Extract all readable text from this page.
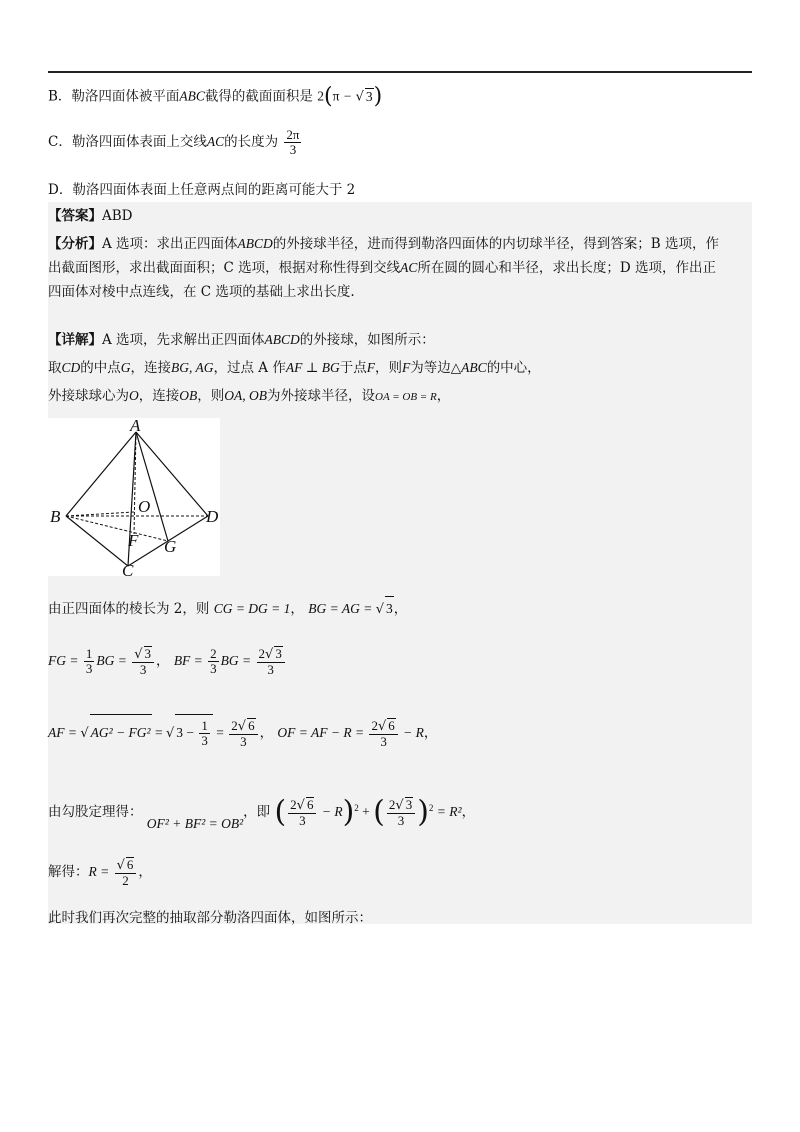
B．勒洛四面体被平面ABC截得的截面面积是 2(π − √ 3)
C．勒洛四面体表面上交线AC的长度为 $\frac{2\pi}{3}$
D．勒洛四面体表面上任意两点间的距离可能大于 2
【答案】ABD
【分析】A 选项：求出正四面体ABCD的外接球半径，进而得到勒洛四面体的内切球半径，得到答案；B 选项，作
出截面图形，求出截面面积；C 选项，根据对称性得到交线AC所在圆的圆心和半径，求出长度；D 选项，作出正
四面体对棱中点连线，在 C 选项的基础上求出长度.
【详解】A 选项，先求解出正四面体ABCD的外接球，如图所示：
取CD的中点G，连接BG, AG，过点 A 作AF ⊥ BG于点F，则F为等边△ABC的中心，
外接球球心为O，连接OB，则OA, OB为外接球半径，设OA = OB = R，
A
B
C
D
O
F G
由正四面体的棱长为 2，则 CG = DG = 1， BG = AG = √ 3，
FG = $\frac{1}{3}$ BG = $\frac{√ 3}{3}$ ， BF = $\frac{2}{3}$ BG = $\frac{2√ 3}{3}$
AF = √ AG² − FG² = √ $3 - \frac{1}{3} = \frac{2√ 6}{3}$ ， OF = AF − $R = \frac{2√ 6}{3} - R$，
由勾股定理得： OF² + BF² = OB²，即 ( $\frac{2√ 6}{3} - R)^2$ + ( $\frac{2√ 3}{3} )^2 = R^2$，
解得：$R = \frac{√ 6}{2}$ ，
此时我们再次完整的抽取部分勒洛四面体，如图所示：
